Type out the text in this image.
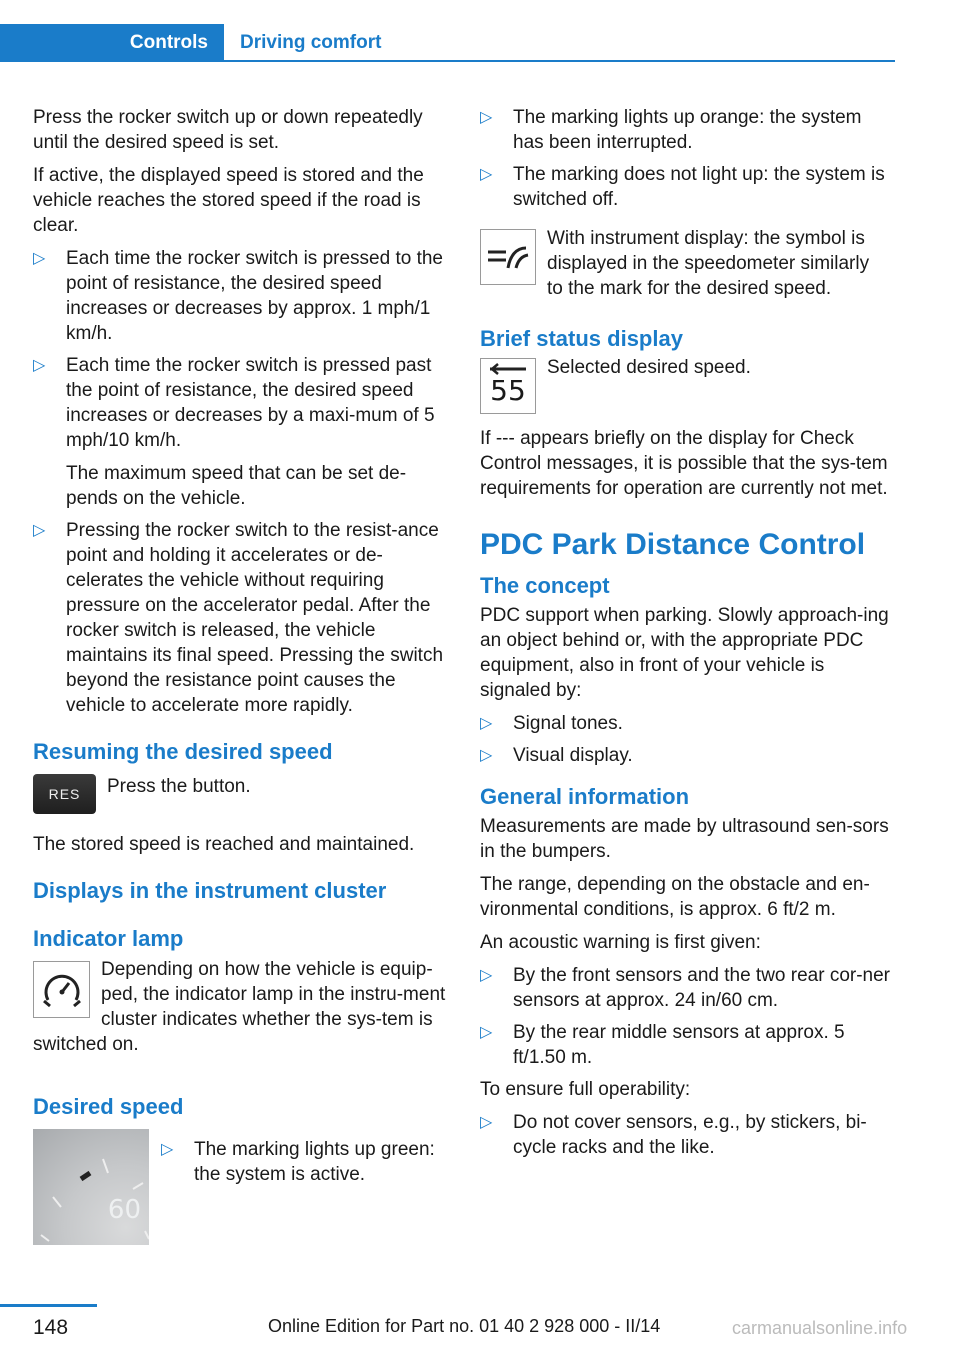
Controls	Driving comfort

Press the rocker switch up or down repeatedly until the desired speed is set.

If active, the displayed speed is stored and the vehicle reaches the stored speed if the road is clear.

▷ Each time the rocker switch is pressed to the point of resistance, the desired speed increases or decreases by approx. 1 mph/1 km/h.
▷ Each time the rocker switch is pressed past the point of resistance, the desired speed increases or decreases by a maxi‐mum of 5 mph/10 km/h.
The maximum speed that can be set de‐pends on the vehicle.
▷ Pressing the rocker switch to the resist‐ance point and holding it accelerates or de‐celerates the vehicle without requiring pressure on the accelerator pedal. After the rocker switch is released, the vehicle maintains its final speed. Pressing the switch beyond the resistance point causes the vehicle to accelerate more rapidly.
Resuming the desired speed
RES	Press the button.

The stored speed is reached and maintained.

Displays in the instrument cluster
Indicator lamp
Depending on how the vehicle is equip‐ped, the indicator lamp in the instru‐ment cluster indicates whether the sys‐tem is switched on.
Desired speed
60
▷ The marking lights up green: the system is active.
▷ The marking lights up orange: the system has been interrupted.
▷ The marking does not light up: the system is switched off.
With instrument display: the symbol is displayed in the speedometer similarly to the mark for the desired speed.
Brief status display
55
Selected desired speed.

If --- appears briefly on the display for Check Control messages, it is possible that the sys‐tem requirements for operation are currently not met.

PDC Park Distance Control
The concept

PDC support when parking. Slowly approach‐ing an object behind or, with the appropriate PDC equipment, also in front of your vehicle is signaled by:

▷ Signal tones.
▷ Visual display.
General information

Measurements are made by ultrasound sen‐sors in the bumpers.

The range, depending on the obstacle and en‐vironmental conditions, is approx. 6 ft/2 m.

An acoustic warning is first given:

▷ By the front sensors and the two rear cor‐ner sensors at approx. 24 in/60 cm.
▷ By the rear middle sensors at approx. 5 ft/1.50 m.

To ensure full operability:

▷ Do not cover sensors, e.g., by stickers, bi‐cycle racks and the like.
148	Online Edition for Part no. 01 40 2 928 000 - II/14	carmanualsonline.info
